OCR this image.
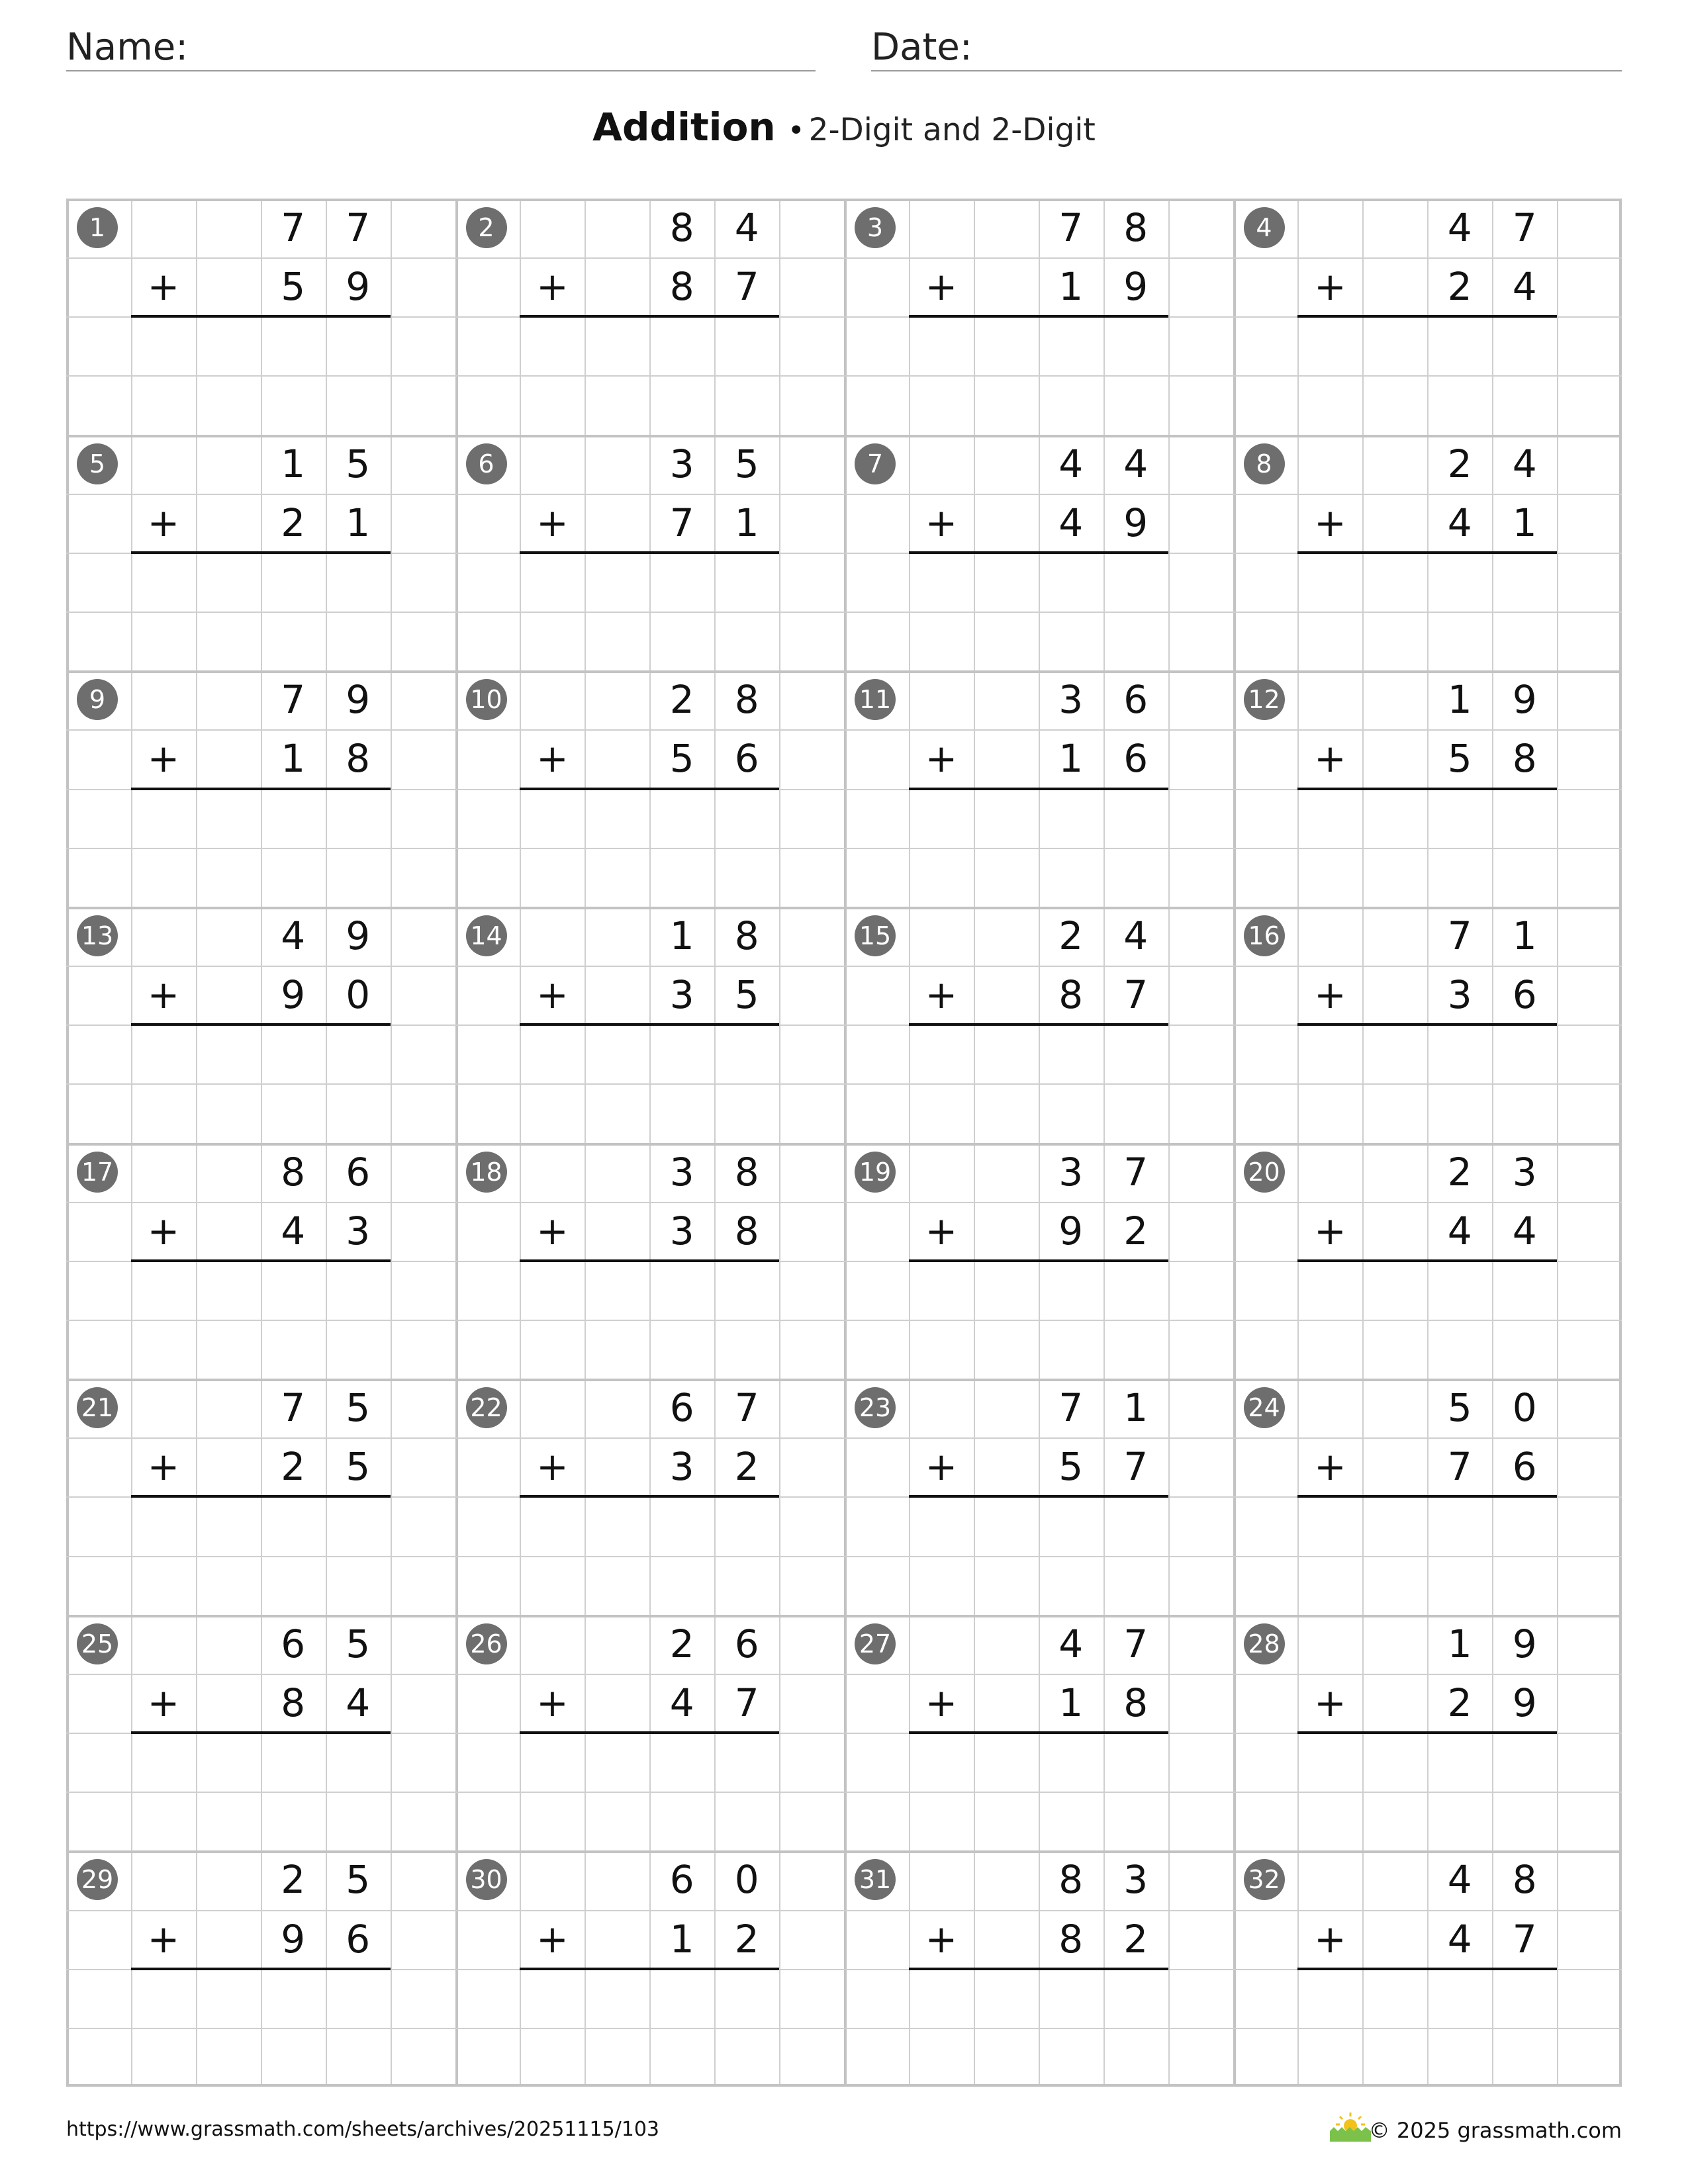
Name:	Date:
Addition • 2-Digit and 2-Digit
1	7	7
+	5	9
2	8	4
+	8	7
3	7	8
+	1	9
4	4	7
+	2	4
5	1	5
+	2	1
6	3	5
+	7	1
7	4	4
+	4	9
8	2	4
+	4	1
9	7	9
+	1	8
10	2	8
+	5	6
11	3	6
+	1	6
12	1	9
+	5	8
13	4	9
+	9	0
14	1	8
+	3	5
15	2	4
+	8	7
16	7	1
+	3	6
17	8	6
+	4	3
18	3	8
+	3	8
19	3	7
+	9	2
20	2	3
+	4	4
21	7	5
+	2	5
22	6	7
+	3	2
23	7	1
+	5	7
24	5	0
+	7	6
25	6	5
+	8	4
26	2	6
+	4	7
27	4	7
+	1	8
28	1	9
+	2	9
29	2	5
+	9	6
30	6	0
+	1	2
31	8	3
+	8	2
32	4	8
+	4	7
https://www.grassmath.com/sheets/archives/20251115/103	© 2025 grassmath.com
